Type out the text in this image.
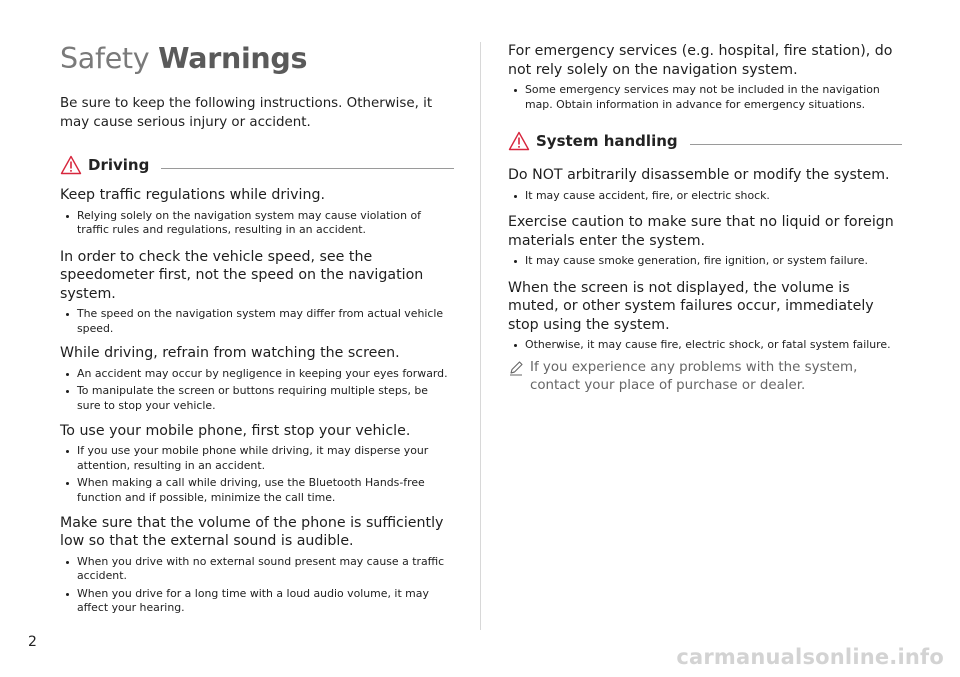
Safety Warnings

Be sure to keep the following instructions. Otherwise, it may cause serious injury or accident.

Driving

Keep traffic regulations while driving.

Relying solely on the navigation system may cause violation of traffic rules and regulations, resulting in an accident.

In order to check the vehicle speed, see the speedometer first, not the speed on the navigation system.

The speed on the navigation system may differ from actual vehicle speed.

While driving, refrain from watching the screen.

An accident may occur by negligence in keeping your eyes forward.
To manipulate the screen or buttons requiring multiple steps, be sure to stop your vehicle.

To use your mobile phone, first stop your vehicle.

If you use your mobile phone while driving, it may disperse your attention, resulting in an accident.
When making a call while driving, use the Bluetooth Hands-free function and if possible, minimize the call time.

Make sure that the volume of the phone is sufficiently low so that the external sound is audible.

When you drive with no external sound present may cause a traffic accident.
When you drive for a long time with a loud audio volume, it may affect your hearing.

For emergency services (e.g. hospital, fire station), do not rely solely on the navigation system.

Some emergency services may not be included in the navigation map. Obtain information in advance for emergency situations.
System handling

Do NOT arbitrarily disassemble or modify the system.

It may cause accident, fire, or electric shock.

Exercise caution to make sure that no liquid or foreign materials enter the system.

It may cause smoke generation, fire ignition, or system failure.

When the screen is not displayed, the volume is muted, or other system failures occur, immediately stop using the system.

Otherwise, it may cause fire, electric shock, or fatal system failure.
If you experience any problems with the system, contact your place of purchase or dealer.
2
carmanualsonline.info
